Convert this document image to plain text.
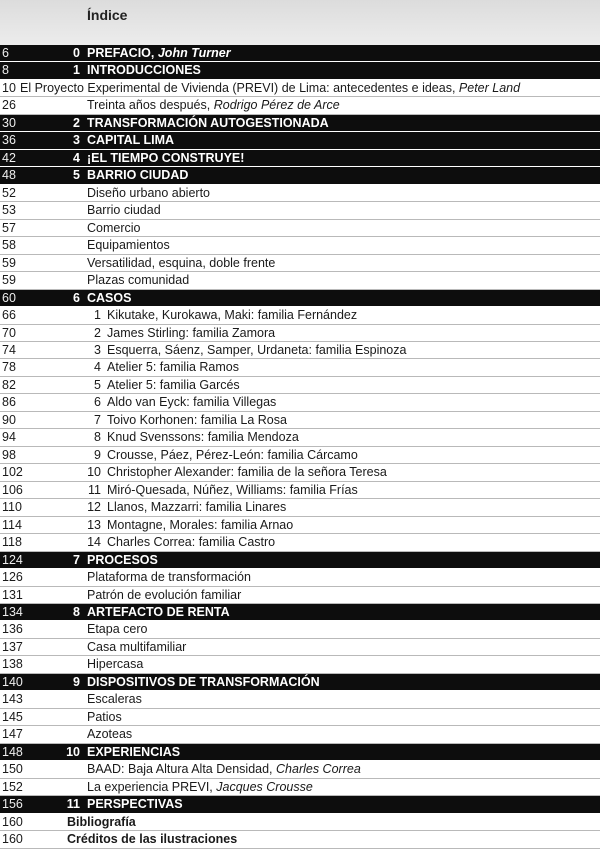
Índice
6	0 PREFACIO, John Turner
8	1 INTRODUCCIONES
10 El Proyecto Experimental de Vivienda (PREVI) de Lima: antecedentes e ideas, Peter Land
26	Treinta años después, Rodrigo Pérez de Arce
30	2 TRANSFORMACIÓN AUTOGESTIONADA
36	3 CAPITAL LIMA
42	4 ¡EL TIEMPO CONSTRUYE!
48	5 BARRIO CIUDAD
52	Diseño urbano abierto
53	Barrio ciudad
57	Comercio
58	Equipamientos
59	Versatilidad, esquina, doble frente
59	Plazas comunidad
60	6 CASOS
66	1 Kikutake, Kurokawa, Maki: familia Fernández
70	2 James Stirling: familia Zamora
74	3 Esquerra, Sáenz, Samper, Urdaneta: familia Espinoza
78	4 Atelier 5: familia Ramos
82	5 Atelier 5: familia Garcés
86	6 Aldo van Eyck: familia Villegas
90	7 Toivo Korhonen: familia La Rosa
94	8 Knud Svenssons: familia Mendoza
98	9 Crousse, Páez, Pérez-León: familia Cárcamo
102	10 Christopher Alexander: familia de la señora Teresa
106	11 Miró-Quesada, Núñez, Williams: familia Frías
110	12 Llanos, Mazzarri: familia Linares
114	13 Montagne, Morales: familia Arnao
118	14 Charles Correa: familia Castro
124	7 PROCESOS
126	Plataforma de transformación
131	Patrón de evolución familiar
134	8 ARTEFACTO DE RENTA
136	Etapa cero
137	Casa multifamiliar
138	Hipercasa
140	9 DISPOSITIVOS DE TRANSFORMACIÓN
143	Escaleras
145	Patios
147	Azoteas
148	10 EXPERIENCIAS
150	BAAD: Baja Altura Alta Densidad, Charles Correa
152	La experiencia PREVI, Jacques Crousse
156	11 PERSPECTIVAS
160	Bibliografía
160	Créditos de las ilustraciones
